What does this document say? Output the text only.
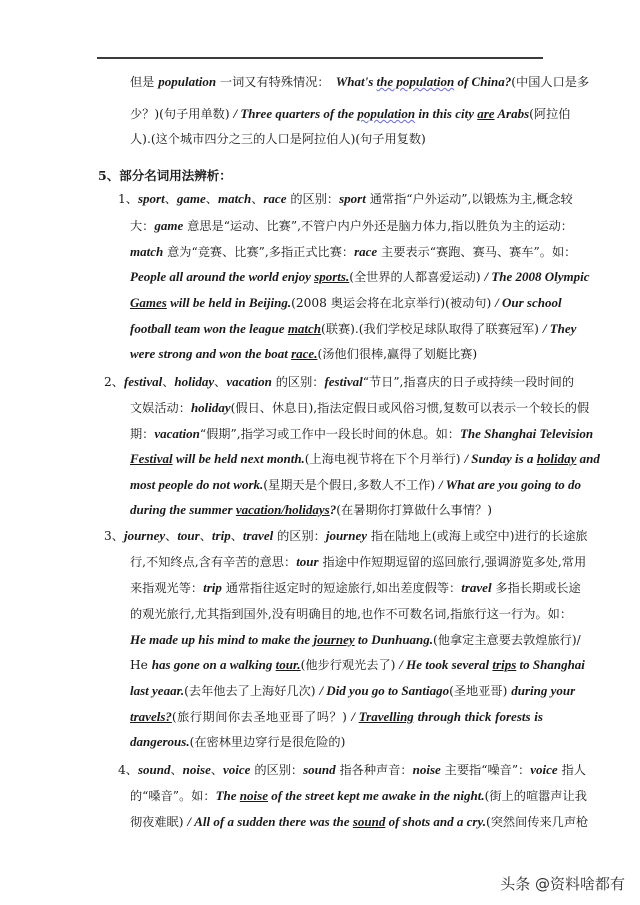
但是 population 一词又有特殊情况：　What's the population of China?(中国人口是多
少？)(句子用单数) / Three quarters of the population in this city are Arabs(阿拉伯
人).(这个城市四分之三的人口是阿拉伯人)(句子用复数)
5、部分名词用法辨析：
1、sport、game、match、race 的区别：sport 通常指“户外运动”,以锻炼为主,概念较
大：game 意思是“运动、比赛”,不管户内户外还是脑力体力,指以胜负为主的运动：
match 意为“竞赛、比赛”,多指正式比赛：race 主要表示“赛跑、赛马、赛车”。如：
People all around the world enjoy sports.(全世界的人都喜爱运动) / The 2008 Olympic
Games will be held in Beijing.(2008 奥运会将在北京举行)(被动句) / Our school
football team won the league match(联赛).(我们学校足球队取得了联赛冠军) / They
were strong and won the boat race.(汤他们很棒,赢得了划艇比赛)
2、festival、holiday、vacation 的区别：festival“节日”,指喜庆的日子或持续一段时间的
文娱活动：holiday(假日、休息日),指法定假日或风俗习惯,复数可以表示一个较长的假
期：vacation“假期”,指学习或工作中一段长时间的休息。如：The Shanghai Television
Festival will be held next month.(上海电视节将在下个月举行) / Sunday is a holiday and
most people do not work.(星期天是个假日,多数人不工作) / What are you going to do
during the summer vacation/holidays?(在暑期你打算做什么事情？)
3、journey、tour、trip、travel 的区别：journey 指在陆地上(或海上或空中)进行的长途旅
行,不知终点,含有辛苦的意思：tour 指途中作短期逗留的巡回旅行,强调游览多处,常用
来指观光等：trip 通常指往返定时的短途旅行,如出差度假等：travel 多指长期或长途
的观光旅行,尤其指到国外,没有明确目的地,也作不可数名词,指旅行这一行为。如：
He made up his mind to make the journey to Dunhuang.(他拿定主意要去敦煌旅行)/
He has gone on a walking tour.(他步行观光去了) / He took several trips to Shanghai
last yeaar.(去年他去了上海好几次) / Did you go to Santiago(圣地亚哥) during your
travels?(旅行期间你去圣地亚哥了吗？) / Travelling through thick forests is
dangerous.(在密林里边穿行是很危险的)
4、sound、noise、voice 的区别：sound 指各种声音：noise 主要指“噪音”：voice 指人
的“嗓音”。如：The noise of the street kept me awake in the night.(街上的喧嚣声让我
彻夜难眠) / All of a sudden there was the sound of shots and a cry.(突然间传来几声枪
头条 @资料啥都有
